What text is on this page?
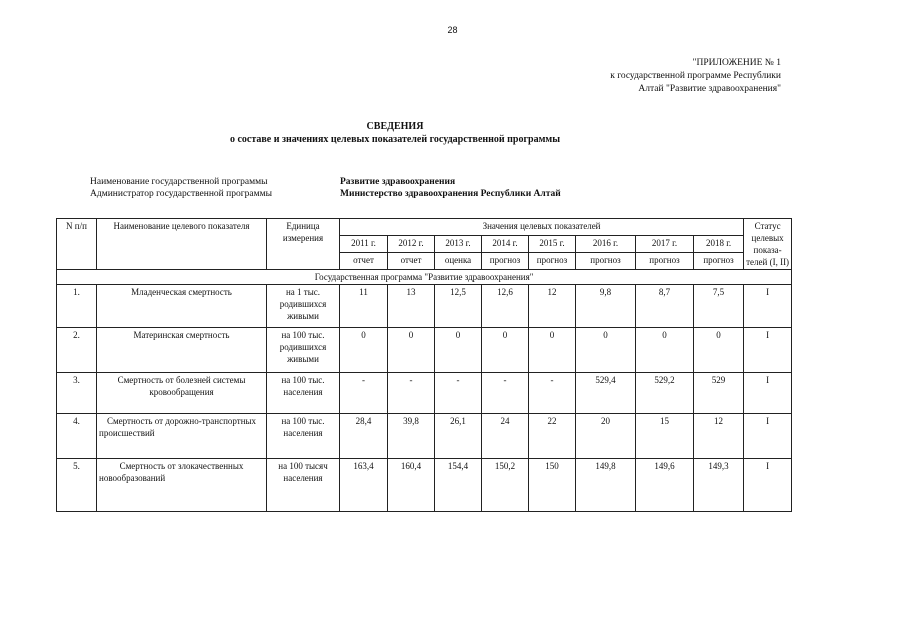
28
"ПРИЛОЖЕНИЕ № 1
к государственной программе Республики
Алтай "Развитие здравоохранения"
СВЕДЕНИЯ
о составе и значениях целевых показателей государственной программы
Наименование государственной программы	Развитие здравоохранения
Администратор государственной программы	Министерство здравоохранения Республики Алтай
N п/п	Наименование целевого показателя	Единица измерения	Значения целевых показателей								Статус целевых показа-телей (I, II)
			2011 г.	2012 г.	2013 г.	2014 г.	2015 г.	2016 г.	2017 г.	2018 г.	
			отчет	отчет	оценка	прогноз	прогноз	прогноз	прогноз	прогноз	
Государственная программа "Развитие здравоохранения"											
1.	Младенческая смертность	на 1 тыс. родившихся живыми	11	13	12,5	12,6	12	9,8	8,7	7,5	I
2.	Материнская смертность	на 100 тыс. родившихся живыми	0	0	0	0	0	0	0	0	I
3.	Смертность от болезней системы кровообращения	на 100 тыс. населения	-	-	-	-	-	529,4	529,2	529	I
4.	Смертность от дорожно-транспортных происшествий	на 100 тыс. населения	28,4	39,8	26,1	24	22	20	15	12	I
5.	Смертность от злокачественных новообразований	на 100 тысяч населения	163,4	160,4	154,4	150,2	150	149,8	149,6	149,3	I
